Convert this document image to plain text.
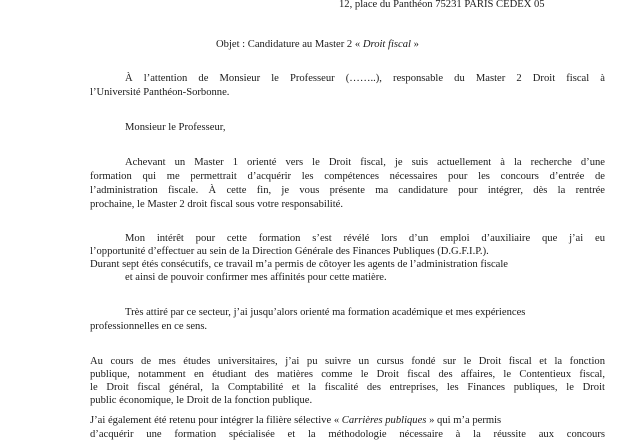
12, place du Panthéon 75231 PARIS CEDEX 05
Objet : Candidature au Master 2 « Droit fiscal »
À l’attention de Monsieur le Professeur (……..), responsable du Master 2 Droit fiscal à
l’Université Panthéon-Sorbonne.
Monsieur le Professeur,
Achevant un Master 1 orienté vers le Droit fiscal, je suis actuellement à la recherche d’une
formation qui me permettrait d’acquérir les compétences nécessaires pour les concours d’entrée de
l’administration fiscale. À cette fin, je vous présente ma candidature pour intégrer, dès la rentrée
prochaine, le Master 2 droit fiscal sous votre responsabilité.
Mon intérêt pour cette formation s’est révélé lors d’un emploi d’auxiliaire que j’ai eu
l’opportunité d’effectuer au sein de la Direction Générale des Finances Publiques (D.G.F.I.P.).
Durant sept étés consécutifs, ce travail m’a permis de côtoyer les agents de l’administration fiscale
et ainsi de pouvoir confirmer mes affinités pour cette matière.
Très attiré par ce secteur, j’ai jusqu’alors orienté ma formation académique et mes expériences
professionnelles en ce sens.
Au cours de mes études universitaires, j’ai pu suivre un cursus fondé sur le Droit fiscal et la fonction
publique, notamment en étudiant des matières comme le Droit fiscal des affaires, le Contentieux fiscal,
le Droit fiscal général, la Comptabilité et la fiscalité des entreprises, les Finances publiques, le Droit
public économique, le Droit de la fonction publique.
J’ai également été retenu pour intégrer la filière sélective « Carrières publiques » qui m’a permis
d’acquérir une formation spécialisée et la méthodologie nécessaire à la réussite aux concours
